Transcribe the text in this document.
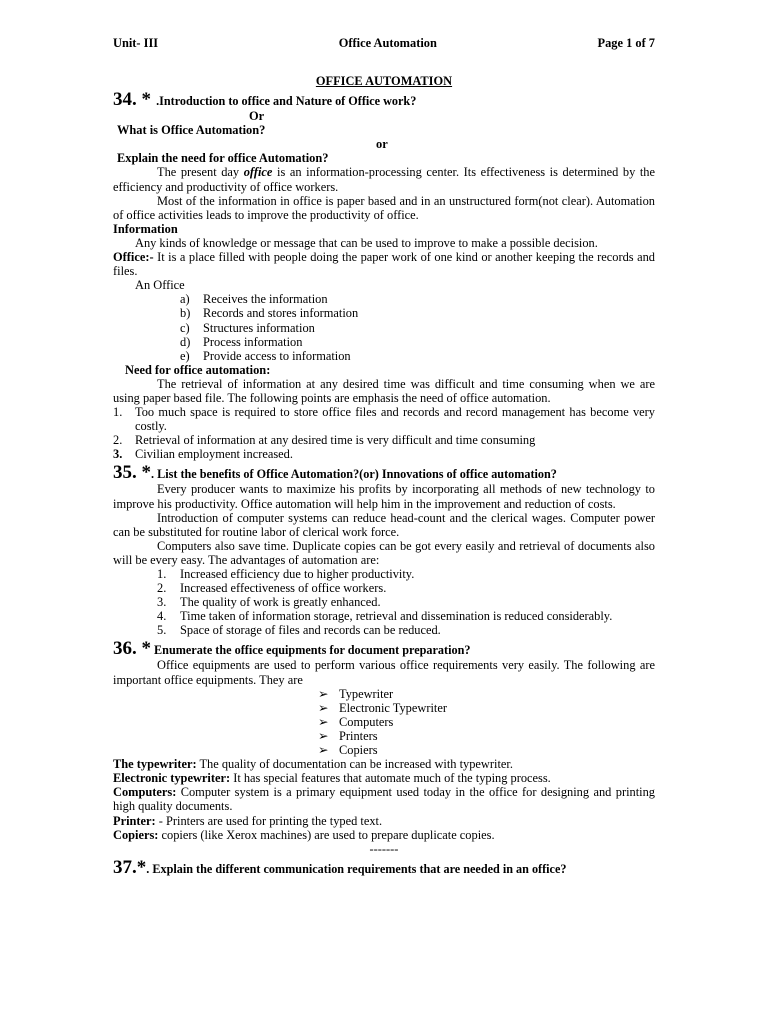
Unit- III	Office Automation	Page 1 of 7
OFFICE AUTOMATION
34. * .Introduction to office and Nature of Office work?
Or
What is Office Automation?
or
Explain the need for office Automation?

The present day office is an information-processing center. Its effectiveness is determined by the efficiency and productivity of office workers.

Most of the information in office is paper based and in an unstructured form(not clear). Automation of office activities leads to improve the productivity of office.

Information

Any kinds of knowledge or message that can be used to improve to make a possible decision.

Office:- It is a place filled with people doing the paper work of one kind or another keeping the records and files.

An Office
a) Receives the information
b) Records and stores information
c) Structures information
d) Process information
e) Provide access to information
Need for office automation:

The retrieval of information at any desired time was difficult and time consuming when we are using paper based file. The following points are emphasis the need of office automation.

1. Too much space is required to store office files and records and record management has become very costly.
2. Retrieval of information at any desired time is very difficult and time consuming
3. Civilian employment increased.
35. *. List the benefits of Office Automation?(or) Innovations of office automation?

Every producer wants to maximize his profits by incorporating all methods of new technology to improve his productivity. Office automation will help him in the improvement and reduction of costs.

Introduction of computer systems can reduce head-count and the clerical wages. Computer power can be substituted for routine labor of clerical work force.

Computers also save time. Duplicate copies can be got every easily and retrieval of documents also will be every easy. The advantages of automation are:

1. Increased efficiency due to higher productivity.
2. Increased effectiveness of office workers.
3. The quality of work is greatly enhanced.
4. Time taken of information storage, retrieval and dissemination is reduced considerably.
5. Space of storage of files and records can be reduced.
36. * Enumerate the office equipments for document preparation?

Office equipments are used to perform various office requirements very easily. The following are important office equipments. They are

➢ Typewriter
➢ Electronic Typewriter
➢ Computers
➢ Printers
➢ Copiers

The typewriter: The quality of documentation can be increased with typewriter.

Electronic typewriter: It has special features that automate much of the typing process.

Computers: Computer system is a primary equipment used today in the office for designing and printing high quality documents.

Printer: - Printers are used for printing the typed text.

Copiers: copiers (like Xerox machines) are used to prepare duplicate copies.

-------
37.*. Explain the different communication requirements that are needed in an office?
